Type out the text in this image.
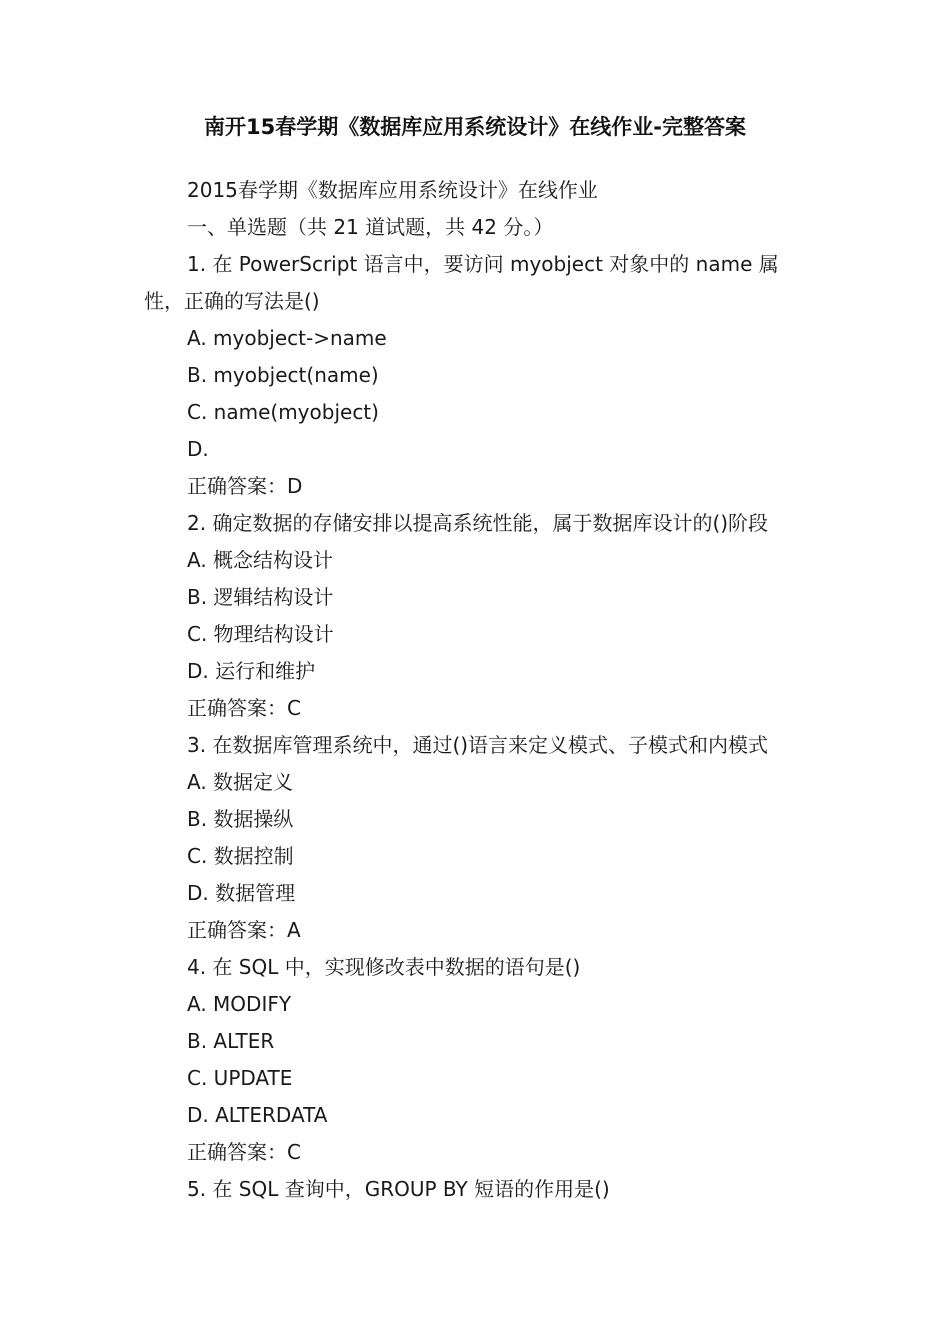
南开15春学期《数据库应用系统设计》在线作业-完整答案
2015春学期《数据库应用系统设计》在线作业
一、单选题（共 21 道试题，共 42 分。）
1. 在 PowerScript 语言中，要访问 myobject 对象中的 name 属性，正确的写法是()
A. myobject->name
B. myobject(name)
C. name(myobject)
D.
正确答案：D
2. 确定数据的存储安排以提高系统性能，属于数据库设计的()阶段
A. 概念结构设计
B. 逻辑结构设计
C. 物理结构设计
D. 运行和维护
正确答案：C
3. 在数据库管理系统中，通过()语言来定义模式、子模式和内模式
A. 数据定义
B. 数据操纵
C. 数据控制
D. 数据管理
正确答案：A
4. 在 SQL 中，实现修改表中数据的语句是()
A. MODIFY
B. ALTER
C. UPDATE
D. ALTERDATA
正确答案：C
5. 在 SQL 查询中，GROUP BY 短语的作用是()
